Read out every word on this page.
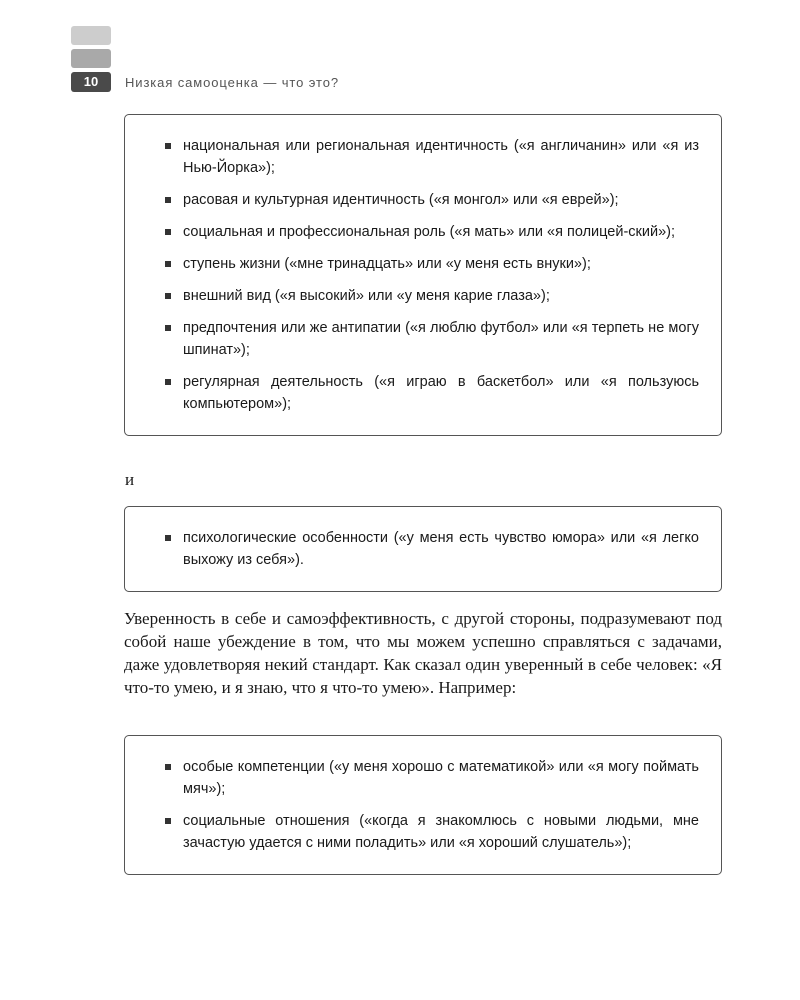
10	Низкая самооценка — что это?
национальная или региональная идентичность («я англичанин» или «я из Нью-Йорка»);
расовая и культурная идентичность («я монгол» или «я еврей»);
социальная и профессиональная роль («я мать» или «я полицей-ский»);
ступень жизни («мне тринадцать» или «у меня есть внуки»);
внешний вид («я высокий» или «у меня карие глаза»);
предпочтения или же антипатии («я люблю футбол» или «я терпеть не могу шпинат»);
регулярная деятельность («я играю в баскетбол» или «я пользуюсь компьютером»);
и
психологические особенности («у меня есть чувство юмора» или «я легко выхожу из себя»).

Уверенность в себе и самоэффективность, с другой стороны, подразумевают под собой наше убеждение в том, что мы можем успешно справляться с задачами, даже удовлетворяя некий стандарт. Как сказал один уверенный в себе человек: «Я что-то умею, и я знаю, что я что-то умею». Например:

особые компетенции («у меня хорошо с математикой» или «я могу поймать мяч»);
социальные отношения («когда я знакомлюсь с новыми людьми, мне зачастую удается с ними поладить» или «я хороший слушатель»);
